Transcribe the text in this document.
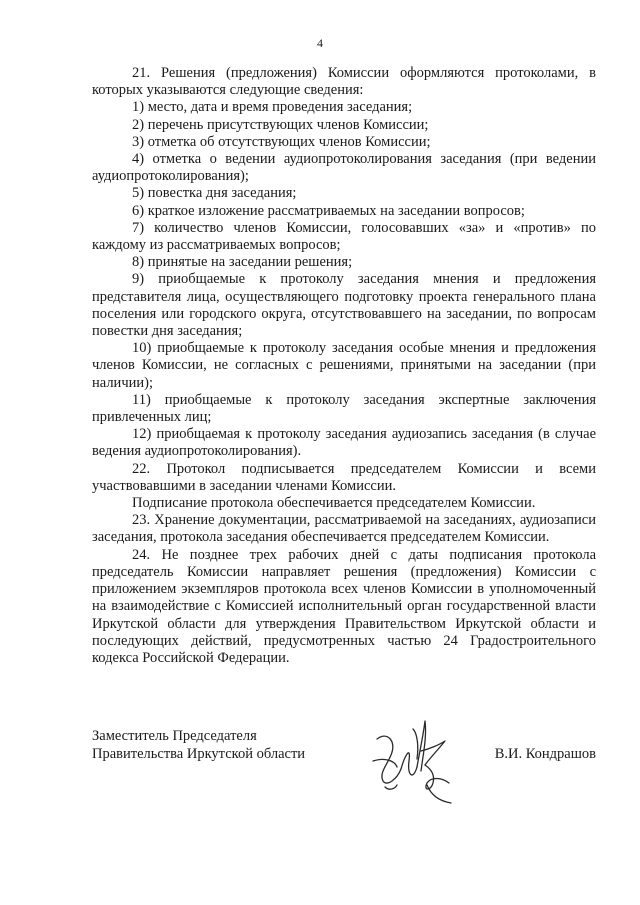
4

21. Решения (предложения) Комиссии оформляются протоколами, в которых указываются следующие сведения:

1) место, дата и время проведения заседания;

2) перечень присутствующих членов Комиссии;

3) отметка об отсутствующих членов Комиссии;

4) отметка о ведении аудиопротоколирования заседания (при ведении аудиопротоколирования);

5) повестка дня заседания;

6) краткое изложение рассматриваемых на заседании вопросов;

7) количество членов Комиссии, голосовавших «за» и «против» по каждому из рассматриваемых вопросов;

8) принятые на заседании решения;

9) приобщаемые к протоколу заседания мнения и предложения представителя лица, осуществляющего подготовку проекта генерального плана поселения или городского округа, отсутствовавшего на заседании, по вопросам повестки дня заседания;

10) приобщаемые к протоколу заседания особые мнения и предложения членов Комиссии, не согласных с решениями, принятыми на заседании (при наличии);

11) приобщаемые к протоколу заседания экспертные заключения привлеченных лиц;

12) приобщаемая к протоколу заседания аудиозапись заседания (в случае ведения аудиопротоколирования).

22. Протокол подписывается председателем Комиссии и всеми участвовавшими в заседании членами Комиссии.

Подписание протокола обеспечивается председателем Комиссии.

23. Хранение документации, рассматриваемой на заседаниях, аудиозаписи заседания, протокола заседания обеспечивается председателем Комиссии.

24. Не позднее трех рабочих дней с даты подписания протокола председатель Комиссии направляет решения (предложения) Комиссии с приложением экземпляров протокола всех членов Комиссии в уполномоченный на взаимодействие с Комиссией исполнительный орган государственной власти Иркутской области для утверждения Правительством Иркутской области и последующих действий, предусмотренных частью 24 Градостроительного кодекса Российской Федерации.

Заместитель Председателя
Правительства Иркутской области	В.И. Кондрашов
